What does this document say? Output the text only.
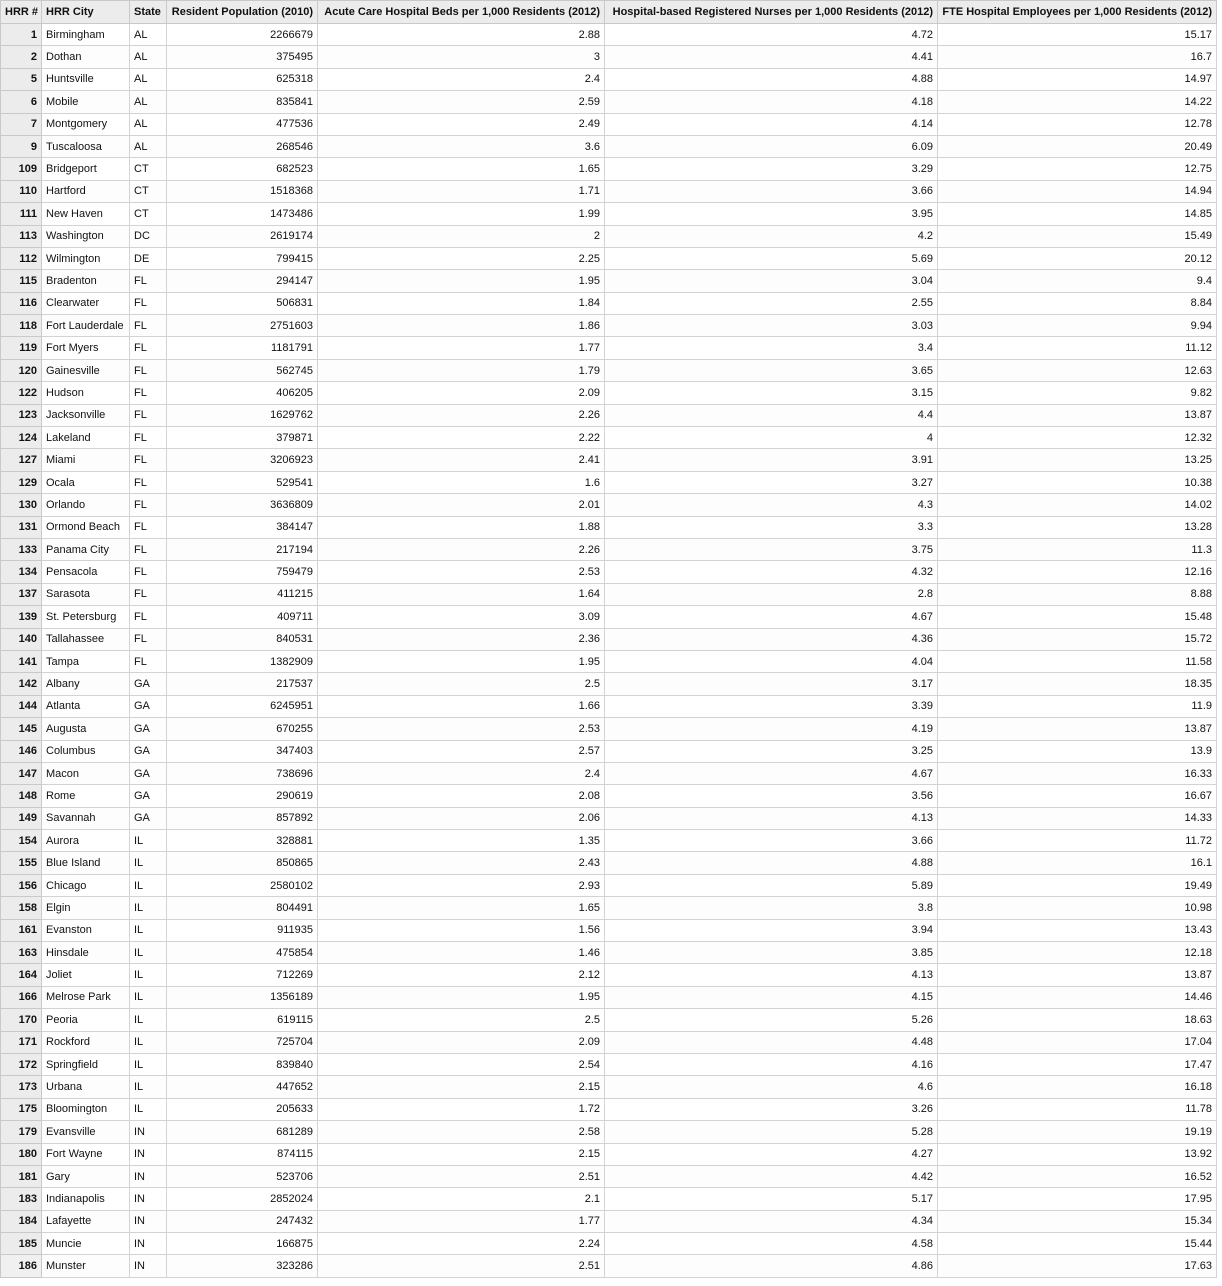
HRR #	HRR City	State	Resident Population (2010)	Acute Care Hospital Beds per 1,000 Residents (2012)	Hospital-based Registered Nurses per 1,000 Residents (2012)	FTE Hospital Employees per 1,000 Residents (2012)
1	Birmingham	AL	2266679	2.88	4.72	15.17
2	Dothan	AL	375495	3	4.41	16.7
5	Huntsville	AL	625318	2.4	4.88	14.97
6	Mobile	AL	835841	2.59	4.18	14.22
7	Montgomery	AL	477536	2.49	4.14	12.78
9	Tuscaloosa	AL	268546	3.6	6.09	20.49
109	Bridgeport	CT	682523	1.65	3.29	12.75
110	Hartford	CT	1518368	1.71	3.66	14.94
111	New Haven	CT	1473486	1.99	3.95	14.85
113	Washington	DC	2619174	2	4.2	15.49
112	Wilmington	DE	799415	2.25	5.69	20.12
115	Bradenton	FL	294147	1.95	3.04	9.4
116	Clearwater	FL	506831	1.84	2.55	8.84
118	Fort Lauderdale	FL	2751603	1.86	3.03	9.94
119	Fort Myers	FL	1181791	1.77	3.4	11.12
120	Gainesville	FL	562745	1.79	3.65	12.63
122	Hudson	FL	406205	2.09	3.15	9.82
123	Jacksonville	FL	1629762	2.26	4.4	13.87
124	Lakeland	FL	379871	2.22	4	12.32
127	Miami	FL	3206923	2.41	3.91	13.25
129	Ocala	FL	529541	1.6	3.27	10.38
130	Orlando	FL	3636809	2.01	4.3	14.02
131	Ormond Beach	FL	384147	1.88	3.3	13.28
133	Panama City	FL	217194	2.26	3.75	11.3
134	Pensacola	FL	759479	2.53	4.32	12.16
137	Sarasota	FL	411215	1.64	2.8	8.88
139	St. Petersburg	FL	409711	3.09	4.67	15.48
140	Tallahassee	FL	840531	2.36	4.36	15.72
141	Tampa	FL	1382909	1.95	4.04	11.58
142	Albany	GA	217537	2.5	3.17	18.35
144	Atlanta	GA	6245951	1.66	3.39	11.9
145	Augusta	GA	670255	2.53	4.19	13.87
146	Columbus	GA	347403	2.57	3.25	13.9
147	Macon	GA	738696	2.4	4.67	16.33
148	Rome	GA	290619	2.08	3.56	16.67
149	Savannah	GA	857892	2.06	4.13	14.33
154	Aurora	IL	328881	1.35	3.66	11.72
155	Blue Island	IL	850865	2.43	4.88	16.1
156	Chicago	IL	2580102	2.93	5.89	19.49
158	Elgin	IL	804491	1.65	3.8	10.98
161	Evanston	IL	911935	1.56	3.94	13.43
163	Hinsdale	IL	475854	1.46	3.85	12.18
164	Joliet	IL	712269	2.12	4.13	13.87
166	Melrose Park	IL	1356189	1.95	4.15	14.46
170	Peoria	IL	619115	2.5	5.26	18.63
171	Rockford	IL	725704	2.09	4.48	17.04
172	Springfield	IL	839840	2.54	4.16	17.47
173	Urbana	IL	447652	2.15	4.6	16.18
175	Bloomington	IL	205633	1.72	3.26	11.78
179	Evansville	IN	681289	2.58	5.28	19.19
180	Fort Wayne	IN	874115	2.15	4.27	13.92
181	Gary	IN	523706	2.51	4.42	16.52
183	Indianapolis	IN	2852024	2.1	5.17	17.95
184	Lafayette	IN	247432	1.77	4.34	15.34
185	Muncie	IN	166875	2.24	4.58	15.44
186	Munster	IN	323286	2.51	4.86	17.63
